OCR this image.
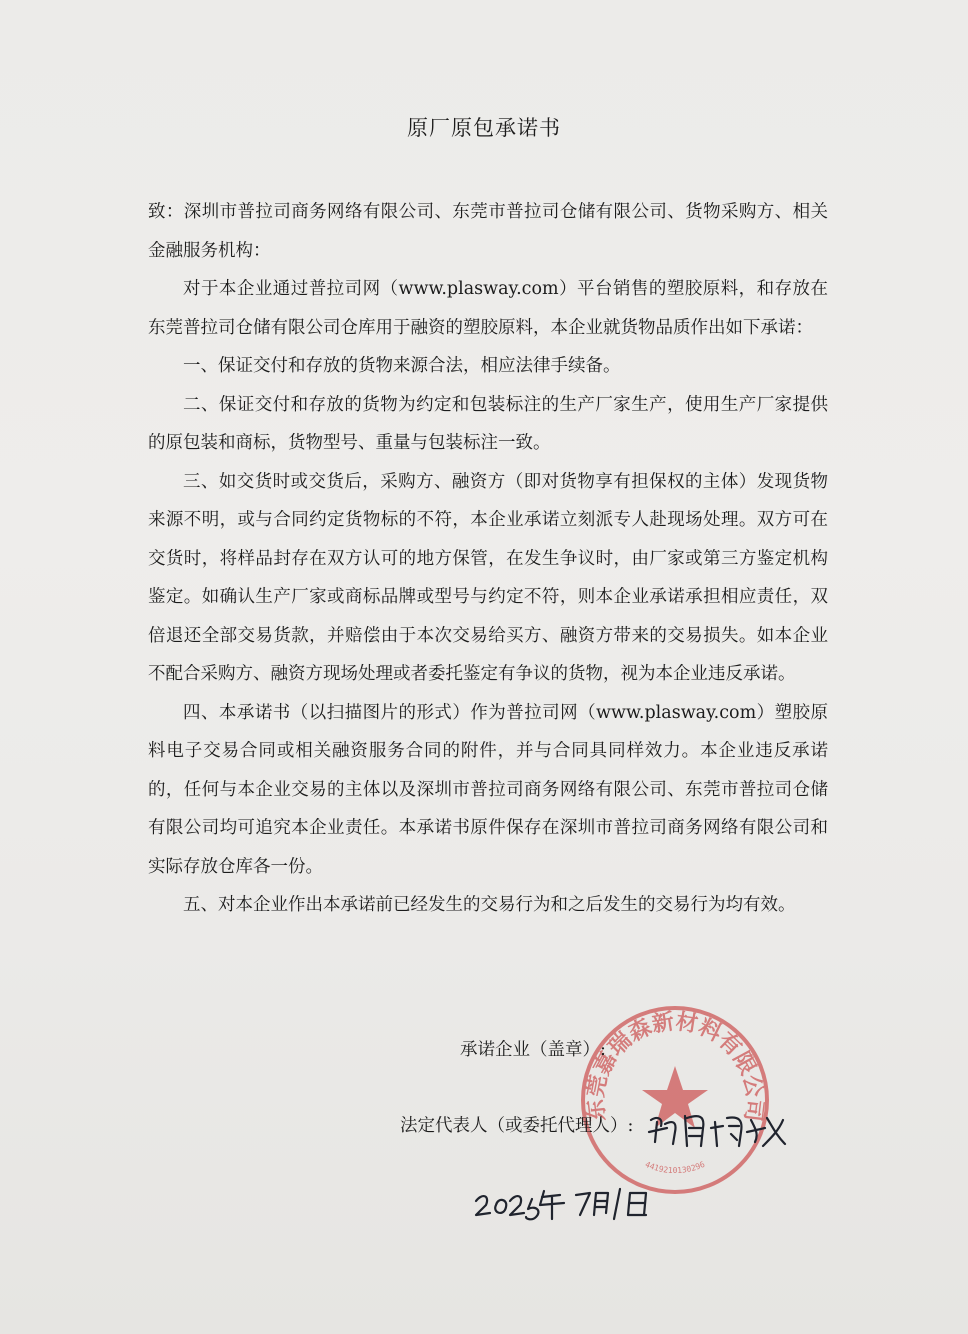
原厂原包承诺书

致：深圳市普拉司商务网络有限公司、东莞市普拉司仓储有限公司、货物采购方、相关金融服务机构：

对于本企业通过普拉司网（www.plasway.com）平台销售的塑胶原料，和存放在东莞普拉司仓储有限公司仓库用于融资的塑胶原料，本企业就货物品质作出如下承诺：

一、保证交付和存放的货物来源合法，相应法律手续备。

二、保证交付和存放的货物为约定和包装标注的生产厂家生产，使用生产厂家提供的原包装和商标，货物型号、重量与包装标注一致。

三、如交货时或交货后，采购方、融资方（即对货物享有担保权的主体）发现货物来源不明，或与合同约定货物标的不符，本企业承诺立刻派专人赴现场处理。双方可在交货时，将样品封存在双方认可的地方保管，在发生争议时，由厂家或第三方鉴定机构鉴定。如确认生产厂家或商标品牌或型号与约定不符，则本企业承诺承担相应责任，双倍退还全部交易货款，并赔偿由于本次交易给买方、融资方带来的交易损失。如本企业不配合采购方、融资方现场处理或者委托鉴定有争议的货物，视为本企业违反承诺。

四、本承诺书（以扫描图片的形式）作为普拉司网（www.plasway.com）塑胶原料电子交易合同或相关融资服务合同的附件，并与合同具同样效力。本企业违反承诺的，任何与本企业交易的主体以及深圳市普拉司商务网络有限公司、东莞市普拉司仓储有限公司均可追究本企业责任。本承诺书原件保存在深圳市普拉司商务网络有限公司和实际存放仓库各一份。

五、对本企业作出本承诺前已经发生的交易行为和之后发生的交易行为均有效。

东莞嘉瑞森新材料有限公司
4419210130296
承诺企业（盖章）:
法定代表人（或委托代理人）:
